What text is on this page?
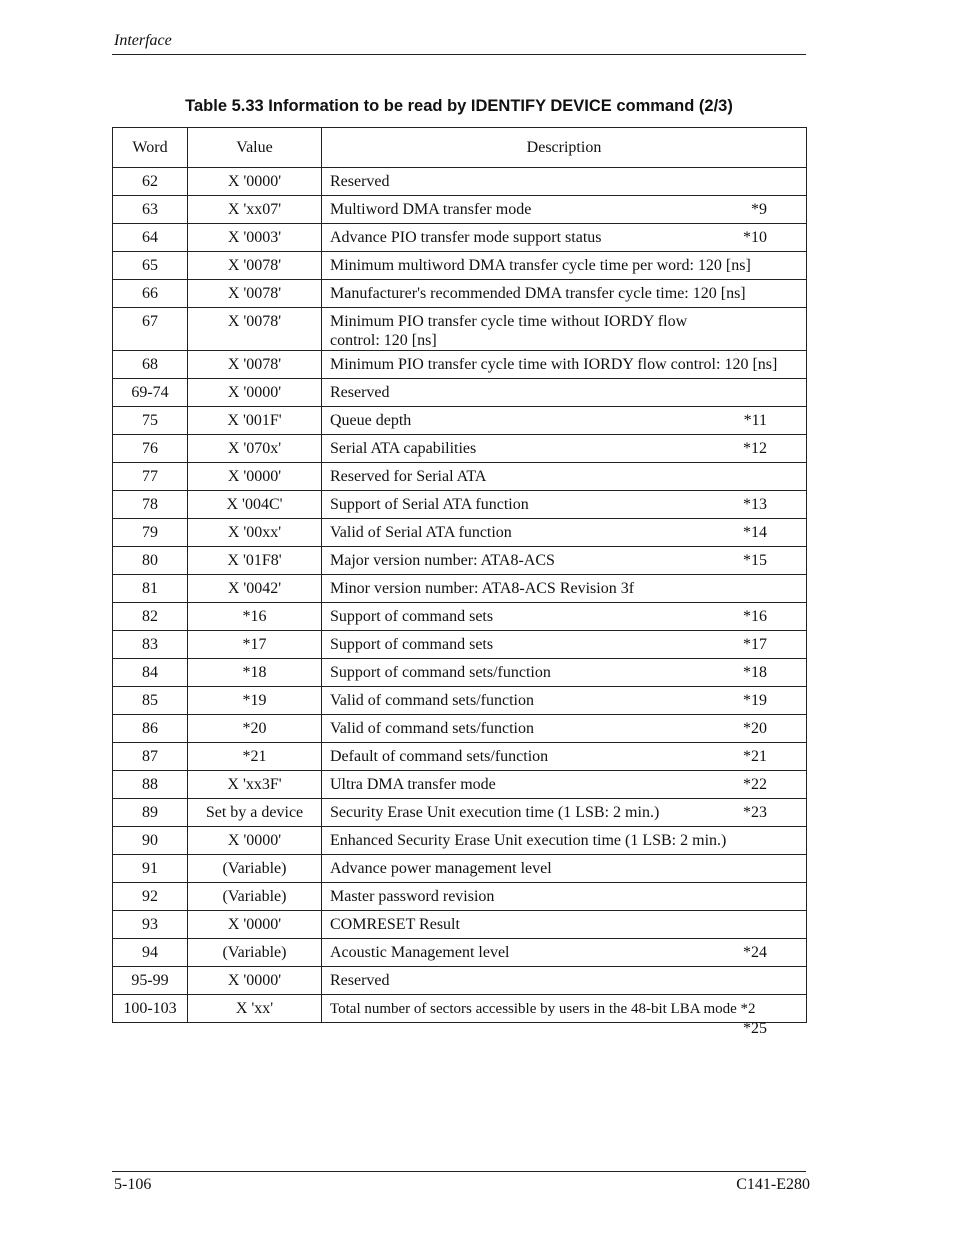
Interface
Table 5.33 Information to be read by IDENTIFY DEVICE command (2/3)
Word	Value	Description
62	X '0000'	Reserved
63	X 'xx07'	Multiword DMA transfer mode *9

64	X '0003'	Advance PIO transfer mode support status *10

65	X '0078'	Minimum multiword DMA transfer cycle time per word: 120 [ns]
66	X '0078'	Manufacturer's recommended DMA transfer cycle time: 120 [ns]
67	X '0078'	Minimum PIO transfer cycle time without IORDY flow
control: 120 [ns]
68	X '0078'	Minimum PIO transfer cycle time with IORDY flow control: 120 [ns]
69-74	X '0000'	Reserved
75	X '001F'	Queue depth *11

76	X '070x'	Serial ATA capabilities *12

77	X '0000'	Reserved for Serial ATA
78	X '004C'	Support of Serial ATA function *13

79	X '00xx'	Valid of Serial ATA function *14

80	X '01F8'	Major version number: ATA8-ACS *15

81	X '0042'	Minor version number: ATA8-ACS Revision 3f
82	*16	Support of command sets *16

83	*17	Support of command sets *17

84	*18	Support of command sets/function *18

85	*19	Valid of command sets/function *19

86	*20	Valid of command sets/function *20

87	*21	Default of command sets/function *21

88	X 'xx3F'	Ultra DMA transfer mode *22

89	Set by a device	Security Erase Unit execution time (1 LSB: 2 min.) *23

90	X '0000'	Enhanced Security Erase Unit execution time (1 LSB: 2 min.)
91	(Variable)	Advance power management level
92	(Variable)	Master password revision
93	X '0000'	COMRESET Result
94	(Variable)	Acoustic Management level *24

95-99	X '0000'	Reserved
100-103	X 'xx'	Total number of sectors accessible by users in the 48-bit LBA mode *2
*25
5-106	C141-E280
